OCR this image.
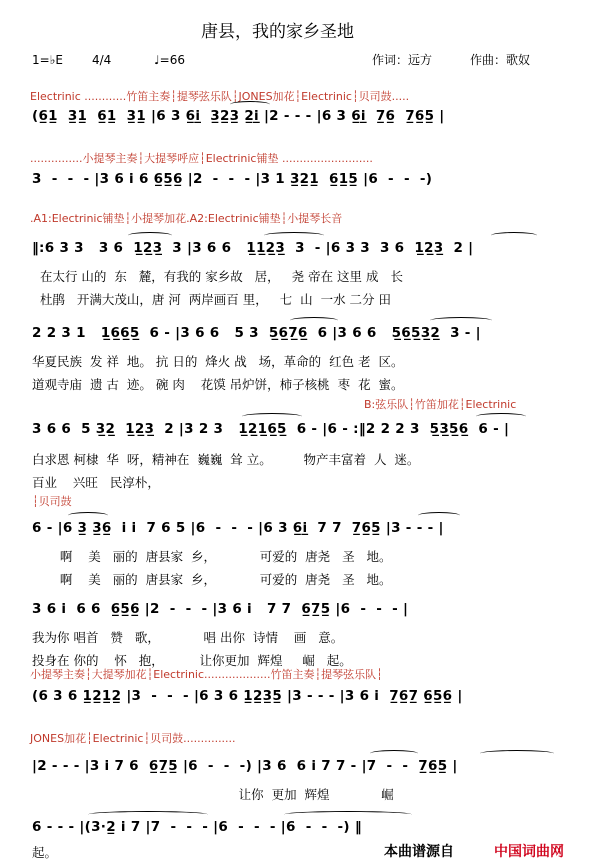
唐县，我的家乡圣地
1=♭E 4/4	♩=66	作词：远方	作曲：歌奴
Electrinic ............竹笛主奏┆提琴弦乐队┆JONES加花┆Electrinic┆贝司鼓.....
(6̲1̲  3̲1̲  6̲1̲  3̲1̲ |6 3 6̲i̲  3̲2̲3̲ 2̲i̲ |2 - - - |6 3 6̲i̲  7̲6̲  7̲6̲5̲ |
...............小提琴主奏┆大提琴呼应┆Electrinic铺垫 ..........................
3  -  -  - |3 6 i 6 6̲5̲6̲ |2  -  -  - |3 1 3̲2̲1̲  6̲1̲5̲ |6  -  -  -)
.A1:Electrinic铺垫┆小提琴加花.A2:Electrinic铺垫┆小提琴长音
‖:6 3 3   3 6  1̲2̲3̲  3 |3 6 6   1̲1̲2̲3̲  3  - |6 3 3  3 6  1̲2̲3̲  2 |
在太行 山的  东   麓，有我的 家乡故   居，   尧 帝在 这里 成   长
杜鹃   开满大茂山，唐 河  两岸画百 里，   七  山  一水 二分 田
2 2 3 1   1̲6̲6̲5̲  6 - |3 6 6   5 3  5̲6̲7̲6̲  6 |3 6 6   5̲6̲5̲3̲2̲  3 - |
华夏民族  发 祥  地。 抗 日的  烽火 战   场，革命的  红色 老  区。
道观寺庙  遗 古  迹。 碗 肉    花馍 吊炉饼，柿子核桃  枣  花  蜜。
B:弦乐队┆竹笛加花┆Electrinic
3 6 6  5 3̲2̲  1̲2̲3̲  2 |3 2 3   1̲2̲1̲6̲5̲  6 - |6 - :‖2 2 2 3  5̲3̲5̲6̲  6 - |
白求恩 柯棣  华  呀，精神在  巍巍  耸 立。        物产丰富着  人  迷。
百业    兴旺   民淳朴，
┆贝司鼓
6 - |6 3̲ 3̲6̲  i i  7 6 5 |6  -  -  - |6 3 6̲i̲  7 7  7̲6̲5̲ |3 - - - |
啊    美   丽的  唐县家  乡，           可爱的  唐尧   圣   地。
啊    美   丽的  唐县家  乡，           可爱的  唐尧   圣   地。
3 6 i  6 6  6̲5̲6̲ |2  -  -  - |3 6 i   7 7  6̲7̲5̲ |6  -  -  - |
我为你 唱首   赞   歌，           唱 出你  诗情    画   意。
投身在 你的    怀   抱，         让你更加  辉煌     崛   起。
小提琴主奏┆大提琴加花┆Electrinic...................竹笛主奏┆提琴弦乐队┆
(6 3 6 1̲2̲1̲2̲ |3  -  -  - |6 3 6 1̲2̲3̲5̲ |3 - - - |3 6 i  7̲6̲7̲ 6̲5̲6̲ |
JONES加花┆Electrinic┆贝司鼓...............
|2 - - - |3 i 7 6  6̲7̲5̲ |6  -  -  -) |3 6  6 i 7 7 - |7  -  -  7̲6̲5̲ |
让你  更加  辉煌             崛
6 - - - |(3·2̲ i 7 |7  -  -  - |6  -  -  - |6  -  -  -) ‖
起。	本曲谱源自	中国词曲网
